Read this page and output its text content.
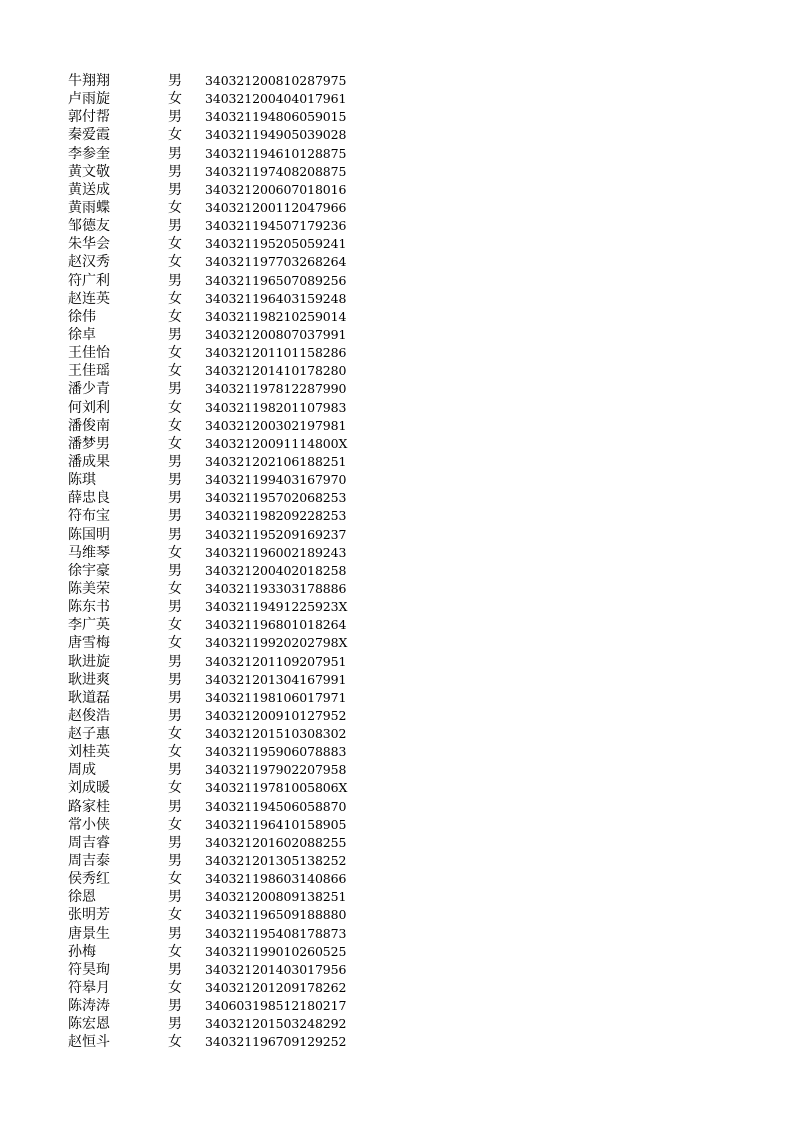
牛翔翔	男 340321200810287975
卢雨旋	女 340321200404017961
郭付帮	男 340321194806059015
秦爱霞	女 340321194905039028
李参奎	男 340321194610128875
黄文敬	男 340321197408208875
黄送成	男 340321200607018016
黄雨蝶	女 340321200112047966
邹德友	男 340321194507179236
朱华会	女 340321195205059241
赵汉秀	女 340321197703268264
符广利	男 340321196507089256
赵连英	女 340321196403159248
徐伟	女 340321198210259014
徐卓	男 340321200807037991
王佳怡	女 340321201101158286
王佳瑶	女 340321201410178280
潘少青	男 340321197812287990
何刘利	女 340321198201107983
潘俊南	女 340321200302197981
潘梦男	女 34032120091114800X
潘成果	男 340321202106188251
陈琪	男 340321199403167970
薛忠良	男 340321195702068253
符布宝	男 340321198209228253
陈国明	男 340321195209169237
马维琴	女 340321196002189243
徐宇豪	男 340321200402018258
陈美荣	女 340321193303178886
陈东书	男 34032119491225923X
李广英	女 340321196801018264
唐雪梅	女 34032119920202798X
耿进旋	男 340321201109207951
耿进爽	男 340321201304167991
耿道磊	男 340321198106017971
赵俊浩	男 340321200910127952
赵子惠	女 340321201510308302
刘桂英	女 340321195906078883
周成	男 340321197902207958
刘成暖	女 34032119781005806X
路家桂	男 340321194506058870
常小侠	女 340321196410158905
周吉睿	男 340321201602088255
周吉泰	男 340321201305138252
侯秀红	女 340321198603140866
徐恩	男 340321200809138251
张明芳	女 340321196509188880
唐景生	男 340321195408178873
孙梅	女 340321199010260525
符昊珣	男 340321201403017956
符皋月	女 340321201209178262
陈涛涛	男 340603198512180217
陈宏恩	男 340321201503248292
赵恒斗	女 340321196709129252
